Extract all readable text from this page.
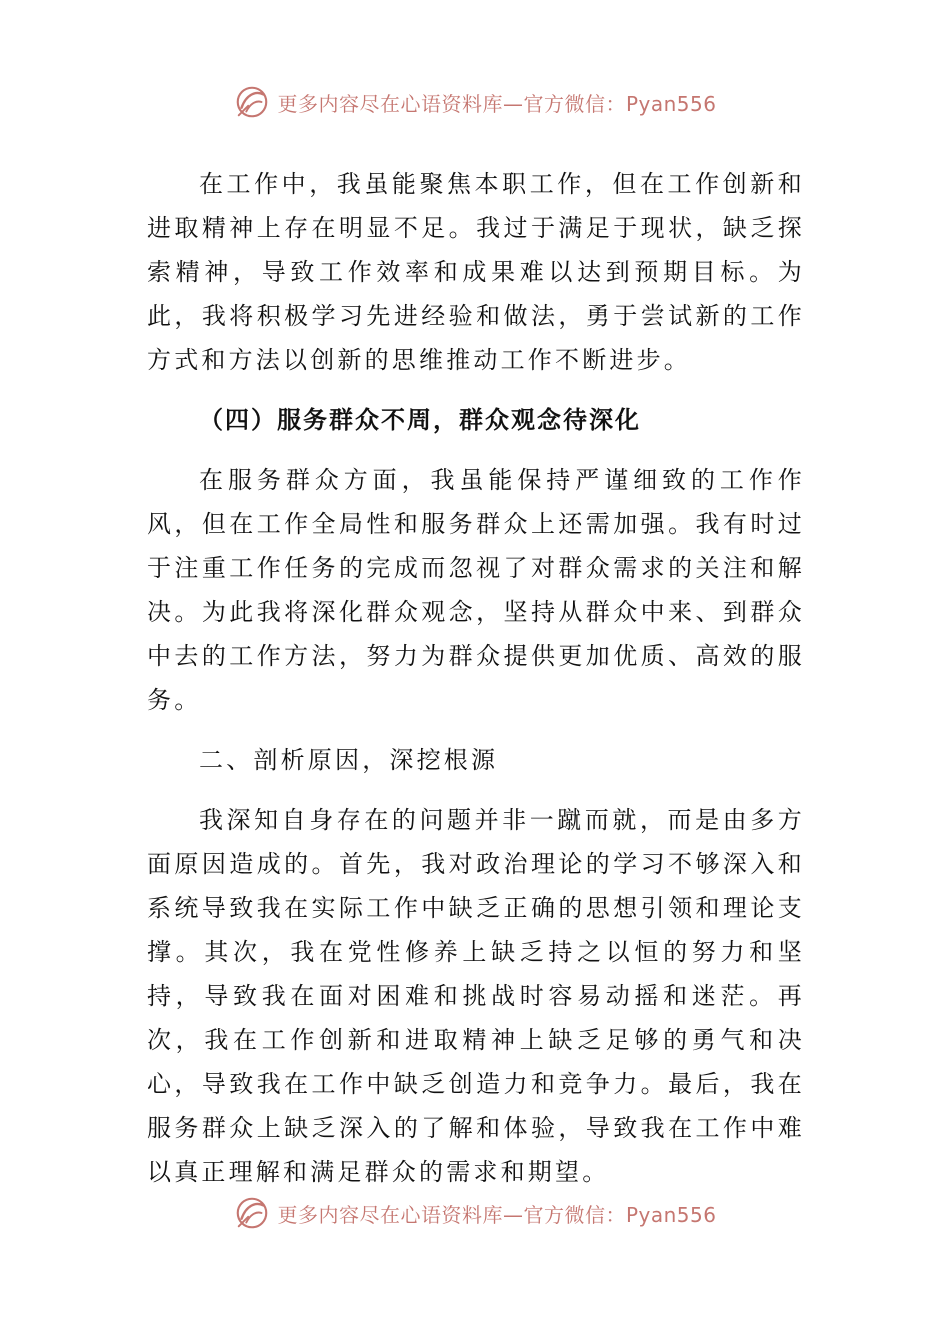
更多内容尽在心语资料库—官方微信：Pyan556

在工作中，我虽能聚焦本职工作，但在工作创新和进取精神上存在明显不足。我过于满足于现状，缺乏探索精神，导致工作效率和成果难以达到预期目标。为此，我将积极学习先进经验和做法，勇于尝试新的工作方式和方法以创新的思维推动工作不断进步。

（四）服务群众不周，群众观念待深化

在服务群众方面，我虽能保持严谨细致的工作作风，但在工作全局性和服务群众上还需加强。我有时过于注重工作任务的完成而忽视了对群众需求的关注和解决。为此我将深化群众观念，坚持从群众中来、到群众中去的工作方法，努力为群众提供更加优质、高效的服务。

二、剖析原因，深挖根源

我深知自身存在的问题并非一蹴而就，而是由多方面原因造成的。首先，我对政治理论的学习不够深入和系统导致我在实际工作中缺乏正确的思想引领和理论支撑。其次，我在党性修养上缺乏持之以恒的努力和坚持，导致我在面对困难和挑战时容易动摇和迷茫。再次，我在工作创新和进取精神上缺乏足够的勇气和决心，导致我在工作中缺乏创造力和竞争力。最后，我在服务群众上缺乏深入的了解和体验，导致我在工作中难以真正理解和满足群众的需求和期望。

更多内容尽在心语资料库—官方微信：Pyan556
